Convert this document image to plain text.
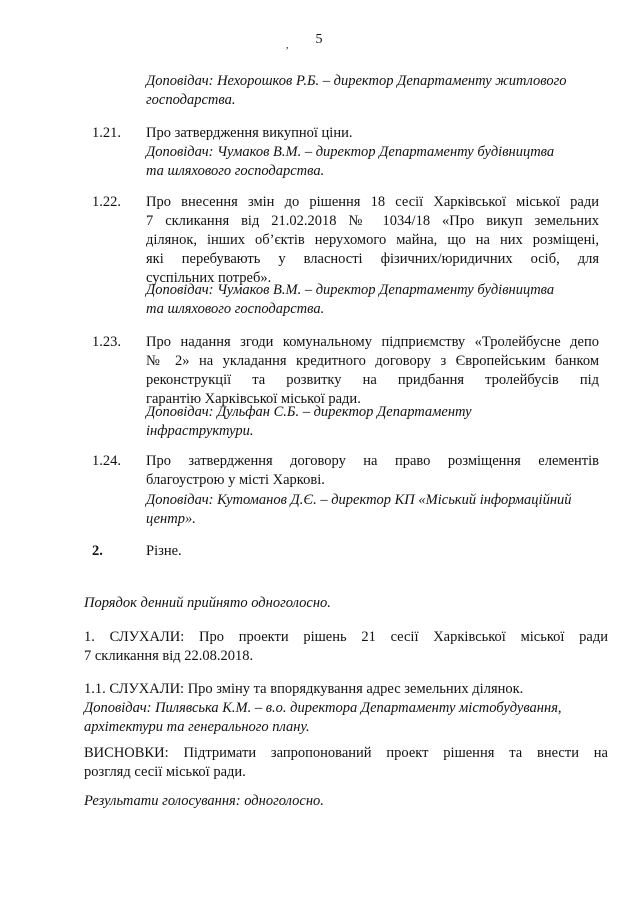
,	5
Доповідач: Нехорошков Р.Б. – директор Департаменту житлового
господарства.
1.21. Про затвердження викупної ціни.
Доповідач: Чумаков В.М. – директор Департаменту будівництва
та шляхового господарства.
1.22. Про внесення змін до рішення 18 сесії Харківської міської ради
7 скликання від 21.02.2018 № 1034/18 «Про викуп земельних
ділянок, інших об’єктів нерухомого майна, що на них розміщені,
які перебувають у власності фізичних/юридичних осіб, для
суспільних потреб».
Доповідач: Чумаков В.М. – директор Департаменту будівництва
та шляхового господарства.
1.23. Про надання згоди комунальному підприємству «Тролейбусне депо
№ 2» на укладання кредитного договору з Європейським банком
реконструкції та розвитку на придбання тролейбусів під
гарантію Харківської міської ради.
Доповідач: Дульфан С.Б. – директор Департаменту
інфраструктури.
1.24. Про затвердження договору на право розміщення елементів
благоустрою у місті Харкові.
Доповідач: Кутоманов Д.Є. – директор КП «Міський інформаційний
центр».
2.	Різне.
Порядок денний прийнято одноголосно.
1. СЛУХАЛИ: Про проекти рішень 21 сесії Харківської міської ради
7 скликання від 22.08.2018.
1.1. СЛУХАЛИ: Про зміну та впорядкування адрес земельних ділянок.
Доповідач: Пилявська К.М. – в.о. директора Департаменту містобудування,
архітектури та генерального плану.
ВИСНОВКИ: Підтримати запропонований проект рішення та внести на
розгляд сесії міської ради.
Результати голосування: одноголосно.
